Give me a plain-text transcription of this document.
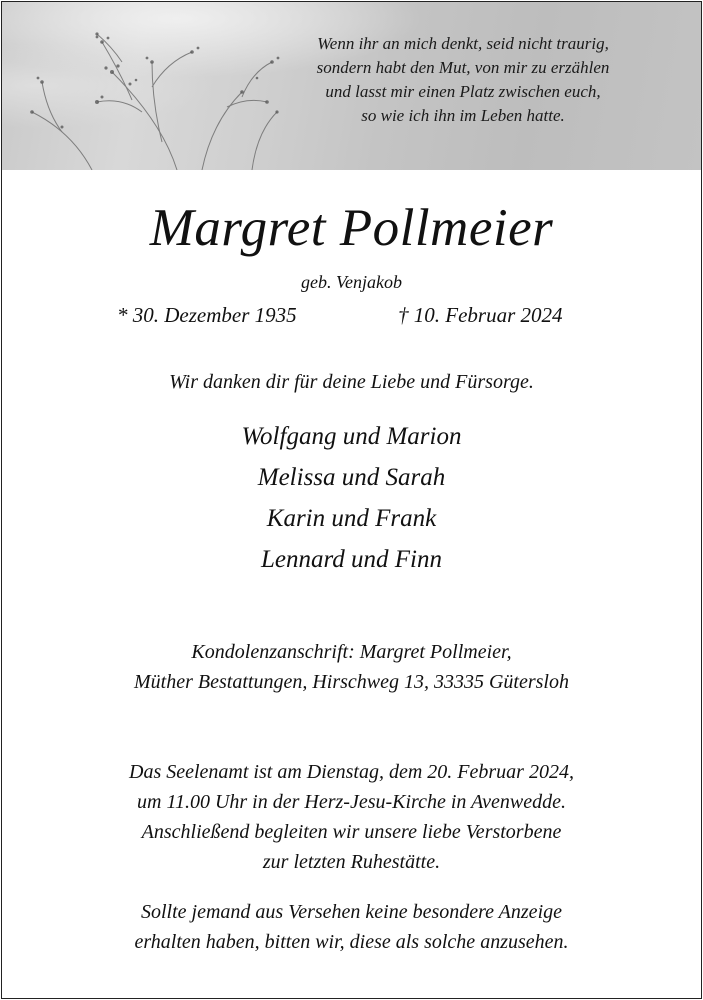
Wenn ihr an mich denkt, seid nicht traurig,
sondern habt den Mut, von mir zu erzählen
und lasst mir einen Platz zwischen euch,
so wie ich ihn im Leben hatte.
Margret Pollmeier
geb. Venjakob
* 30. Dezember 1935	† 10. Februar 2024
Wir danken dir für deine Liebe und Fürsorge.
Wolfgang und Marion
Melissa und Sarah
Karin und Frank
Lennard und Finn
Kondolenzanschrift: Margret Pollmeier,
Müther Bestattungen, Hirschweg 13, 33335 Gütersloh
Das Seelenamt ist am Dienstag, dem 20. Februar 2024,
um 11.00 Uhr in der Herz-Jesu-Kirche in Avenwedde.
Anschließend begleiten wir unsere liebe Verstorbene
zur letzten Ruhestätte.
Sollte jemand aus Versehen keine besondere Anzeige
erhalten haben, bitten wir, diese als solche anzusehen.
